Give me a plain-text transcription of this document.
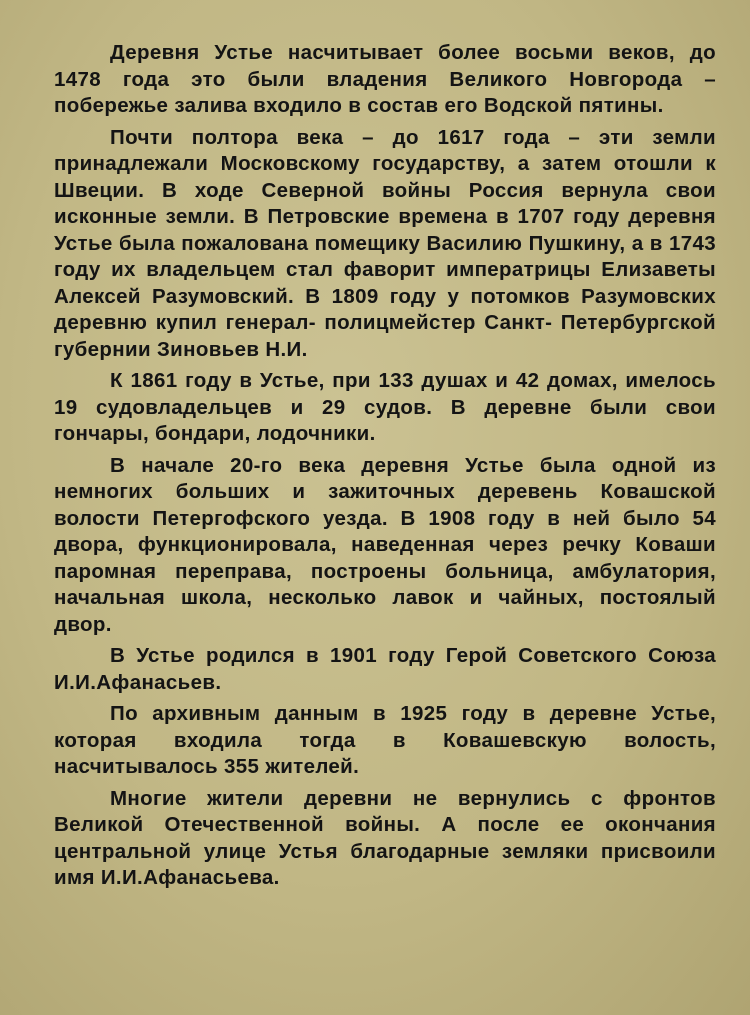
Деревня Устье насчитывает более восьми веков, до 1478 года это были владения Великого Новгорода – побережье залива входило в состав его Водской пятины.

Почти полтора века – до 1617 года – эти земли принадлежали Московскому государству, а затем отошли к Швеции. В ходе Северной войны Россия вернула свои исконные земли. В Петровские времена в 1707 году деревня Устье была пожалована помещику Василию Пушкину, а в 1743 году их владельцем стал фаворит императрицы Елизаветы Алексей Разумовский. В 1809 году у потомков Разумовских деревню купил генерал- полицмейстер Санкт- Петербургской губернии Зиновьев Н.И.

К 1861 году в Устье, при 133 душах и 42 домах, имелось 19 судовладельцев и 29 судов. В деревне были свои гончары, бондари, лодочники.

В начале 20-го века деревня Устье была одной из немногих больших и зажиточных деревень Ковашской волости Петергофского уезда. В 1908 году в ней было 54 двора, функционировала, наведенная через речку Коваши паромная переправа, построены больница, амбулатория, начальная школа, несколько лавок и чайных, постоялый двор.

В Устье родился в 1901 году Герой Советского Союза И.И.Афанасьев.

По архивным данным в 1925 году в деревне Устье, которая входила тогда в Ковашевскую волость, насчитывалось 355 жителей.

Многие жители деревни не вернулись с фронтов Великой Отечественной войны. А после ее окончания центральной улице Устья благодарные земляки присвоили имя И.И.Афанасьева.
